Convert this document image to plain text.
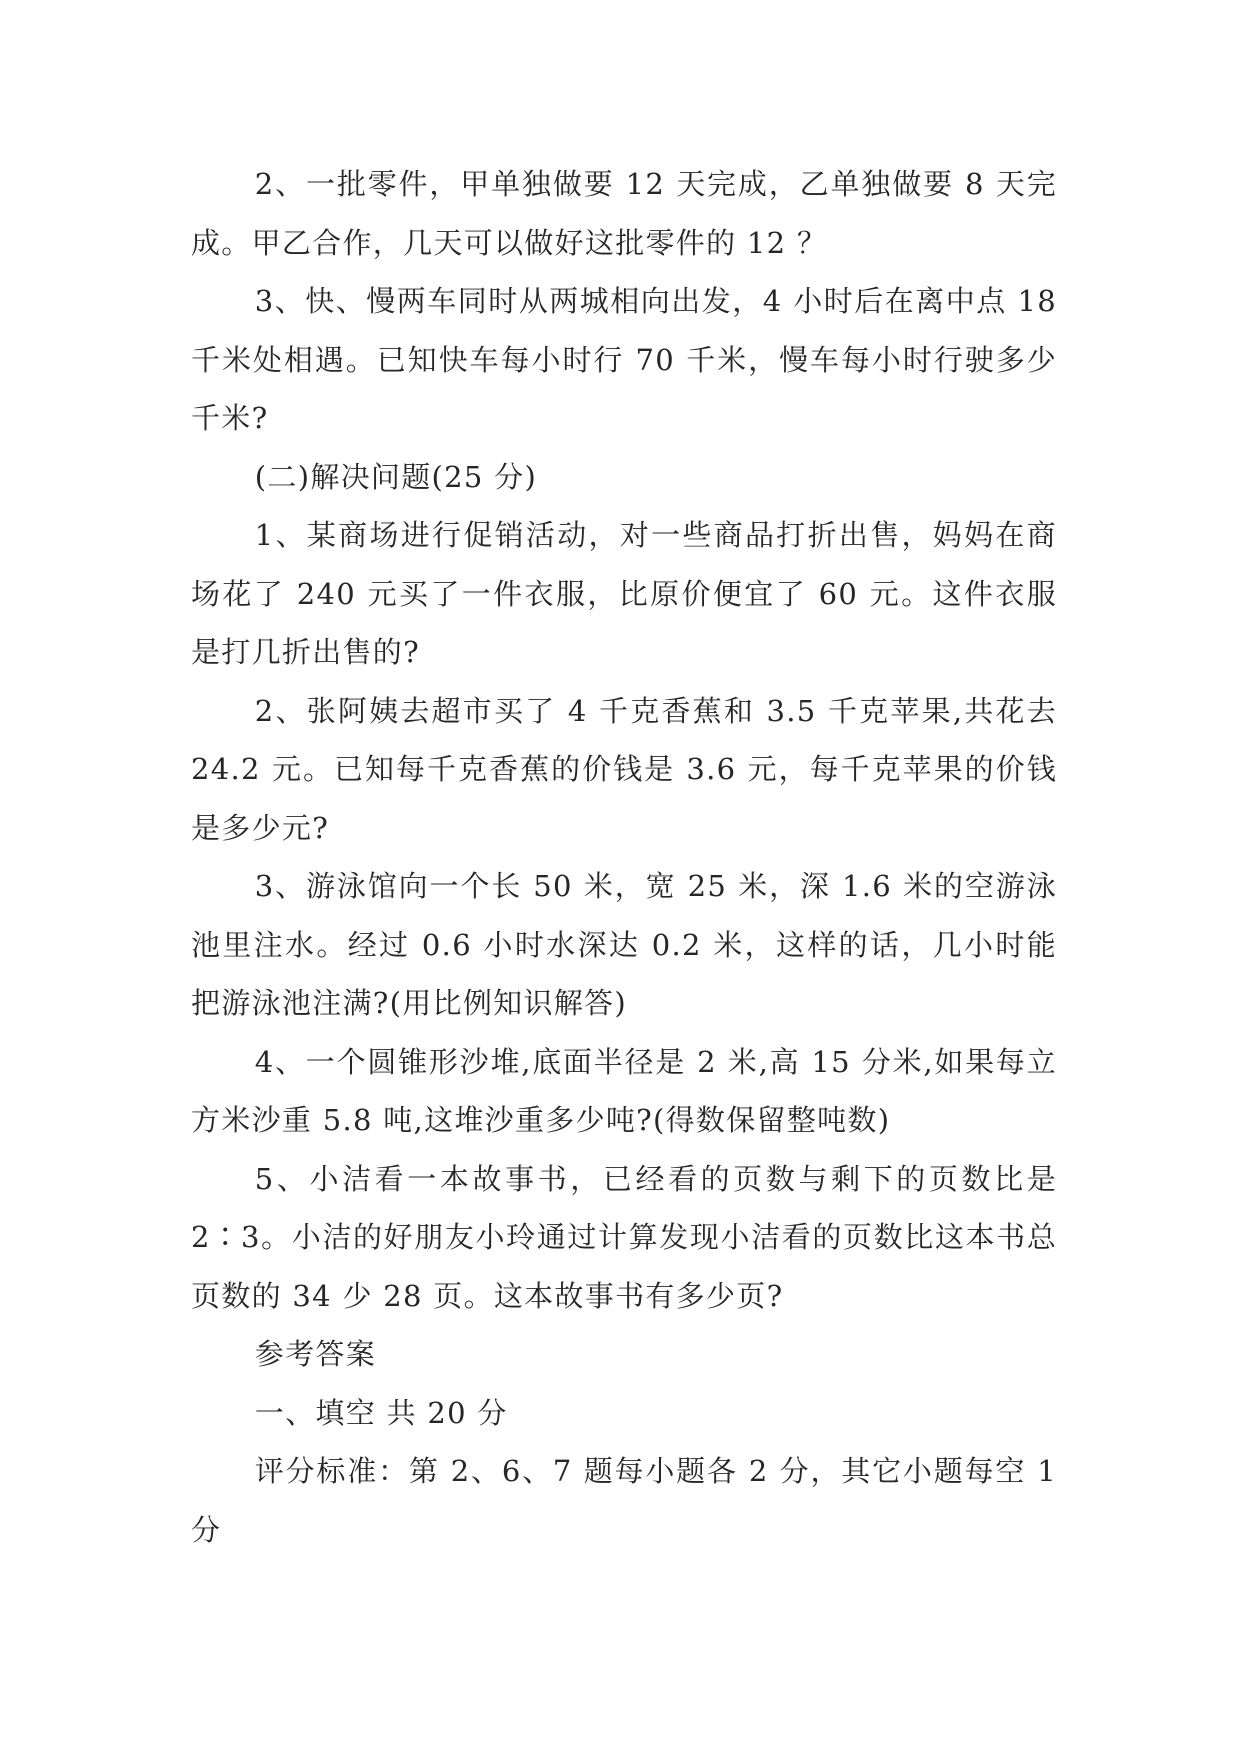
2、一批零件，甲单独做要 12 天完成，乙单独做要 8 天完成。甲乙合作，几天可以做好这批零件的 12 ？

3、快、慢两车同时从两城相向出发，4 小时后在离中点 18 千米处相遇。已知快车每小时行 70 千米，慢车每小时行驶多少千米?

(二)解决问题(25 分)

1、某商场进行促销活动，对一些商品打折出售，妈妈在商场花了 240 元买了一件衣服，比原价便宜了 60 元。这件衣服是打几折出售的?

2、张阿姨去超市买了 4 千克香蕉和 3.5 千克苹果,共花去 24.2 元。已知每千克香蕉的价钱是 3.6 元，每千克苹果的价钱是多少元?

3、游泳馆向一个长 50 米，宽 25 米，深 1.6 米的空游泳池里注水。经过 0.6 小时水深达 0.2 米，这样的话，几小时能把游泳池注满?(用比例知识解答)

4、一个圆锥形沙堆,底面半径是 2 米,高 15 分米,如果每立方米沙重 5.8 吨,这堆沙重多少吨?(得数保留整吨数)

5、小洁看一本故事书，已经看的页数与剩下的页数比是 2∶3。小洁的好朋友小玲通过计算发现小洁看的页数比这本书总页数的 34 少 28 页。这本故事书有多少页?

参考答案

一、填空 共 20 分

评分标准：第 2、6、7 题每小题各 2 分，其它小题每空 1 分
